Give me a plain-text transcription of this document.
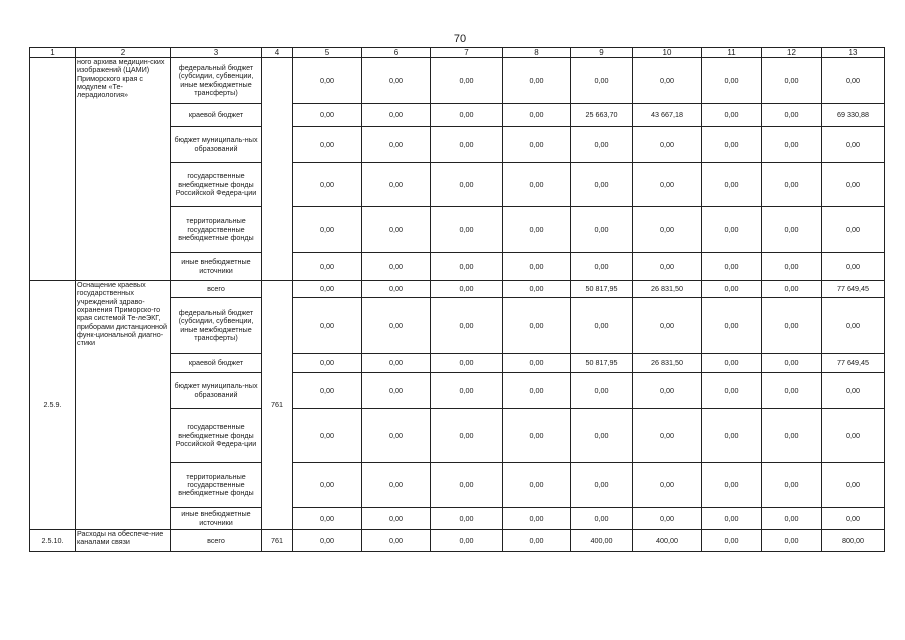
70
1	2	3	4	5	6	7	8	9	10	11	12	13
	ного архива медицин-ских изображений (ЦАМИ) Приморского края с модулем «Те-лерадиология»	федеральный бюджет (субсидии, субвенции, иные межбюджетные трансферты)		0,00	0,00	0,00	0,00	0,00	0,00	0,00	0,00	0,00
		краевой бюджет		0,00	0,00	0,00	0,00	25 663,70	43 667,18	0,00	0,00	69 330,88
		бюджет муниципаль-ных образований		0,00	0,00	0,00	0,00	0,00	0,00	0,00	0,00	0,00
		государственные внебюджетные фонды Российской Федера-ции		0,00	0,00	0,00	0,00	0,00	0,00	0,00	0,00	0,00
		территориальные государственные внебюджетные фонды		0,00	0,00	0,00	0,00	0,00	0,00	0,00	0,00	0,00
		иные внебюджетные источники		0,00	0,00	0,00	0,00	0,00	0,00	0,00	0,00	0,00
2.5.9.	Оснащение краевых государственных учреждений здраво-охранения Приморско-го края системой Те-леЭКГ, приборами дистанционной функ-циональной диагно-стики	всего	761	0,00	0,00	0,00	0,00	50 817,95	26 831,50	0,00	0,00	77 649,45
		федеральный бюджет (субсидии, субвенции, иные межбюджетные трансферты)		0,00	0,00	0,00	0,00	0,00	0,00	0,00	0,00	0,00
		краевой бюджет		0,00	0,00	0,00	0,00	50 817,95	26 831,50	0,00	0,00	77 649,45
		бюджет муниципаль-ных образований		0,00	0,00	0,00	0,00	0,00	0,00	0,00	0,00	0,00
		государственные внебюджетные фонды Российской Федера-ции		0,00	0,00	0,00	0,00	0,00	0,00	0,00	0,00	0,00
		территориальные государственные внебюджетные фонды		0,00	0,00	0,00	0,00	0,00	0,00	0,00	0,00	0,00
		иные внебюджетные источники		0,00	0,00	0,00	0,00	0,00	0,00	0,00	0,00	0,00
2.5.10.	Расходы на обеспече-ние каналами связи	всего	761	0,00	0,00	0,00	0,00	400,00	400,00	0,00	0,00	800,00
